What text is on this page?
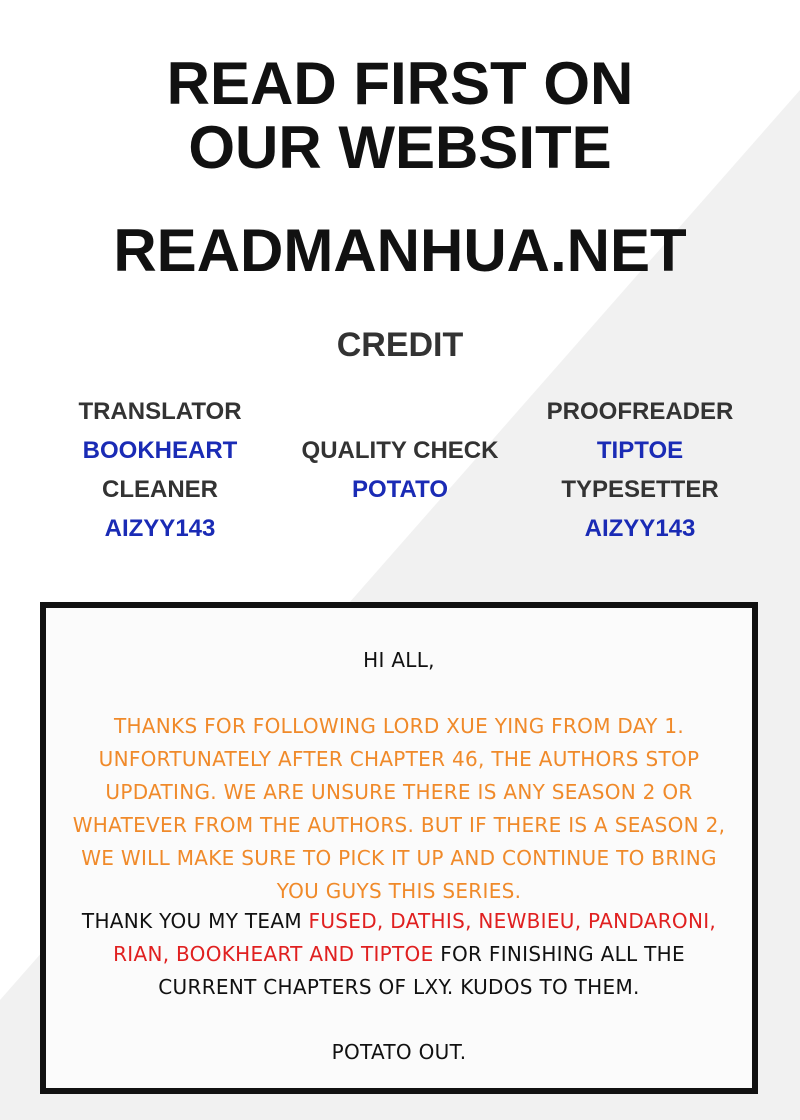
READ FIRST ON
OUR WEBSITE
READMANHUA.NET
CREDIT
TRANSLATOR
BOOKHEART
CLEANER
AIZYY143
QUALITY CHECK
POTATO
PROOFREADER
TIPTOE
TYPESETTER
AIZYY143

HI ALL,

THANKS FOR FOLLOWING LORD XUE YING FROM DAY 1. UNFORTUNATELY AFTER CHAPTER 46, THE AUTHORS STOP UPDATING. WE ARE UNSURE THERE IS ANY SEASON 2 OR WHATEVER FROM THE AUTHORS. BUT IF THERE IS A SEASON 2, WE WILL MAKE SURE TO PICK IT UP AND CONTINUE TO BRING YOU GUYS THIS SERIES.

THANK YOU MY TEAM FUSED, DATHIS, NEWBIEU, PANDARONI, RIAN, BOOKHEART AND TIPTOE FOR FINISHING ALL THE CURRENT CHAPTERS OF LXY. KUDOS TO THEM.

POTATO OUT.
